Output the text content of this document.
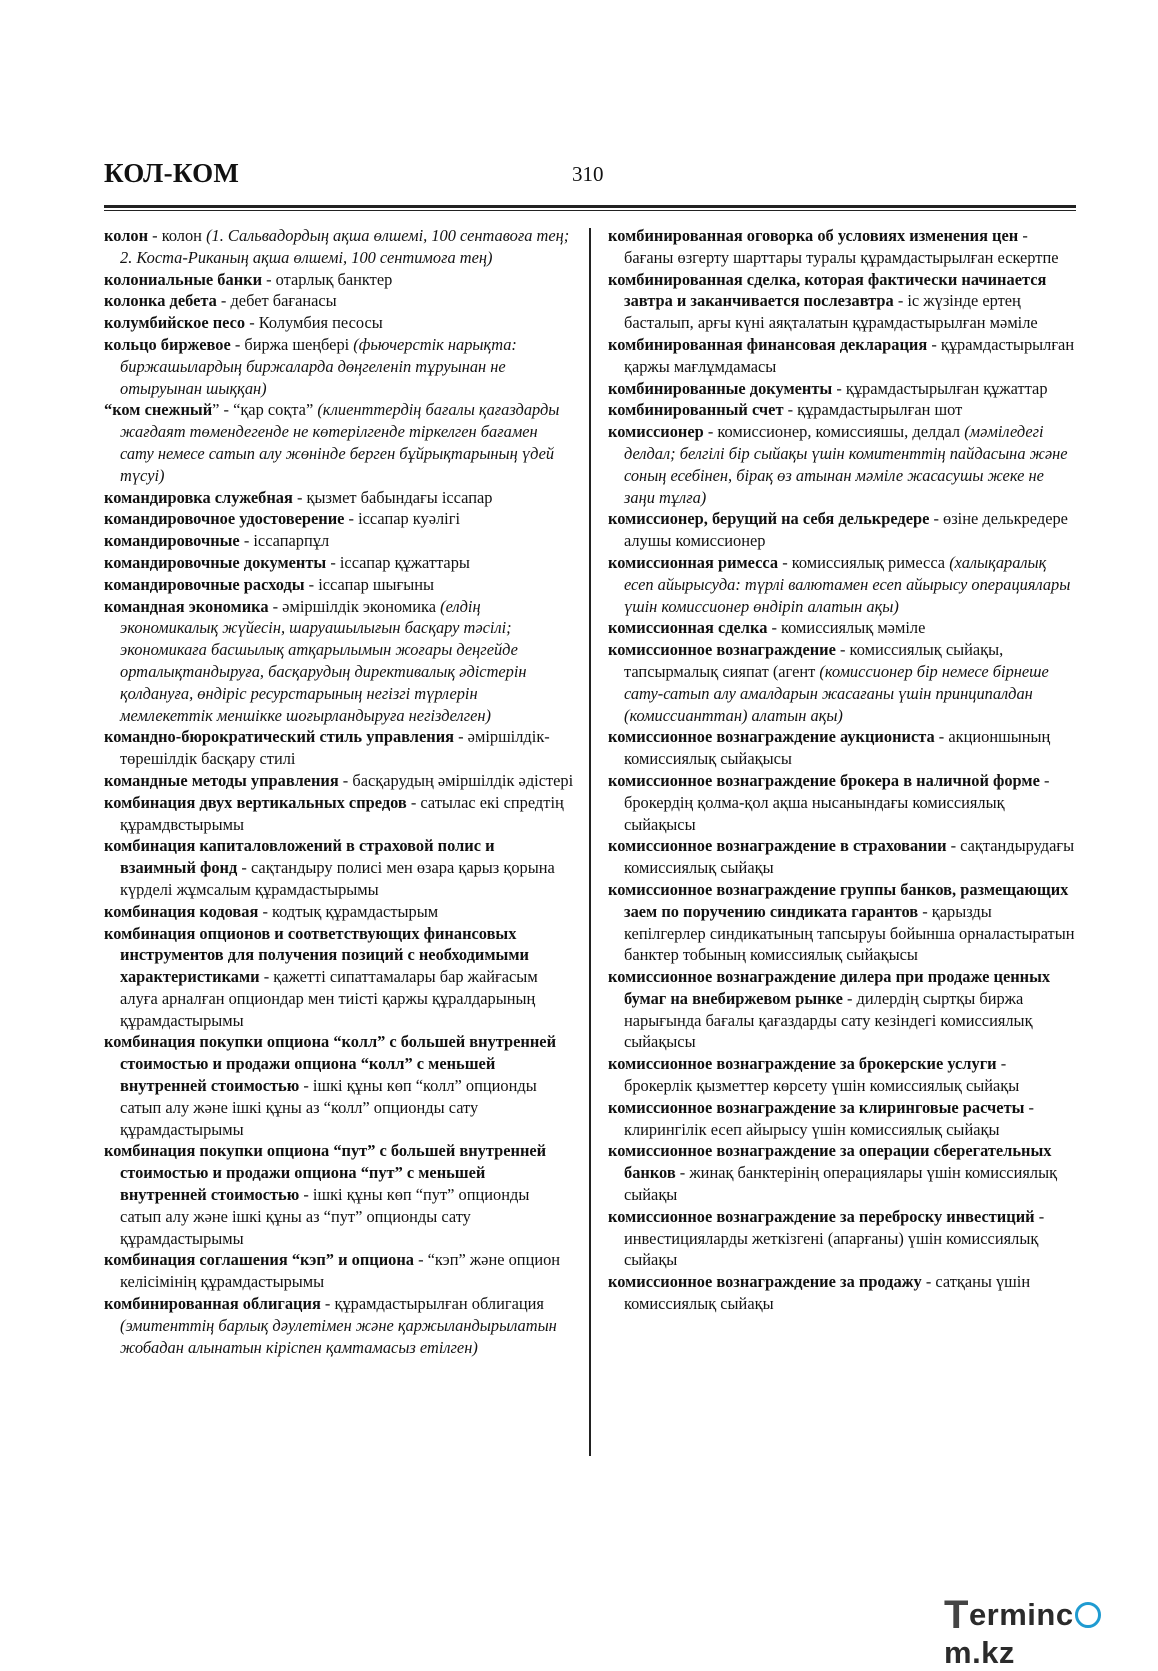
КОЛ-КОМ	310

колон - колон (1. Сальвадордың ақша өлшемі, 100 сентавоға тең; 2. Коста-Риканың ақша өлшемі, 100 сентимоға тең)

колониальные банки - отарлық банктер

колонка дебета - дебет бағанасы

колумбийское песо - Колумбия песосы

кольцо биржевое - биржа шеңбері (фьючерстік нарықта: биржашылардың биржаларда дөңгеленіп тұруынан не отыруынан шыққан)

“ком снежный” - “қар соқта” (клиенттердің бағалы қағаздарды жағдаят төмендегенде не көтерілгенде тіркелген бағамен сату немесе сатып алу жөнінде берген бұйрықтарының үдей түсуі)

командировка служебная - қызмет бабындағы іссапар

командировочное удостоверение - іссапар куәлігі

командировочные - іссапарпұл

командировочные документы - іссапар құжаттары

командировочные расходы - іссапар шығыны

командная экономика - әміршілдік экономика (елдің экономикалық жүйесін, шаруашылығын басқару тәсілі; экономикаға басшылық атқарылымын жоғары деңгейде орталықтандыруға, басқарудың директивалық әдістерін қолдануға, өндіріс ресурстарының негізгі түрлерін мемлекеттік меншікке шоғырландыруға негізделген)

командно-бюрократический стиль управления - әміршілдік-төрешілдік басқару стилі

командные методы управления - басқарудың әміршілдік әдістері

комбинация двух вертикальных спредов - сатылас екі спредтің құрамдвстырымы

комбинация капиталовложений в страховой полис и взаимный фонд - сақтандыру полисі мен өзара қарыз қорына күрделі жұмсалым құрамдастырымы

комбинация кодовая - кодтық құрамдастырым

комбинация опционов и соответствующих финансовых инструментов для получения позиций с необходимыми характеристиками - қажетті сипаттамалары бар жайғасым алуға арналған опциондар мен тиісті қаржы құралдарының құрамдастырымы

комбинация покупки опциона “колл” с большей внутренней стоимостью и продажи опциона “колл” с меньшей внутренней стоимостью - ішкі құны көп “колл” опционды сатып алу және ішкі құны аз “колл” опционды сату құрамдастырымы

комбинация покупки опциона “пут” с большей внутренней стоимостью и продажи опциона “пут” с меньшей внутренней стоимостью - ішкі құны көп “пут” опционды сатып алу және ішкі құны аз “пут” опционды сату құрамдастырымы

комбинация соглашения “кэп” и опциона - “кэп” және опцион келісімінің құрамдастырымы

комбинированная облигация - құрамдастырылған облигация (эмитенттің барлық дәулетімен және қаржыландырылатын жобадан алынатын кіріспен қамтамасыз етілген)

комбинированная оговорка об условиях изменения цен - бағаны өзгерту шарттары туралы құрамдастырылған ескертпе

комбинированная сделка, которая фактически начинается завтра и заканчивается послезавтра - іс жүзінде ертең басталып, арғы күні аяқталатын құрамдастырылған мәміле

комбинированная финансовая декларация - құрамдастырылған қаржы мағлұмдамасы

комбинированные документы - құрамдастырылған құжаттар

комбинированный счет - құрамдастырылған шот

комиссионер - комиссионер, комиссияшы, делдал (мәміледегі делдал; белгілі бір сыйақы үшін комитенттің пайдасына және соның есебінен, бірақ өз атынан мәміле жасасушы жеке не заңи тұлға)

комиссионер, берущий на себя делькредере - өзіне делькредере алушы комиссионер

комиссионная римесса - комиссиялық римесса (халықаралық есеп айырысуда: түрлі валютамен есеп айырысу операциялары үшін комиссионер өндіріп алатын ақы)

комиссионная сделка - комиссиялық мәміле

комиссионное вознаграждение - комиссиялық сыйақы, тапсырмалық сияпат (агент (комиссионер бір немесе бірнеше сату-сатып алу амалдарын жасағаны үшін принципалдан (комиссианттан) алатын ақы)

комиссионное вознаграждение аукциониста - акционшының комиссиялық сыйақысы

комиссионное вознаграждение брокера в наличной форме - брокердің қолма-қол ақша нысанындағы комиссиялық сыйақысы

комиссионное вознаграждение в страховании - сақтандырудағы комиссиялық сыйақы

комиссионное вознаграждение группы банков, размещающих заем по поручению синдиката гарантов - қарызды кепілгерлер синдикатының тапсыруы бойынша орналастыратын банктер тобының комиссиялық сыйақысы

комиссионное вознаграждение дилера при продаже ценных бумаг на внебиржевом рынке - дилердің сыртқы биржа нарығында бағалы қағаздарды сату кезіндегі комиссиялық сыйақысы

комиссионное вознаграждение за брокерские услуги - брокерлік қызметтер көрсету үшін комиссиялық сыйақы

комиссионное вознаграждение за клиринговые расчеты - клирингілік есеп айырысу үшін комиссиялық сыйақы

комиссионное вознаграждение за операции сберегательных банков - жинақ банктерінің операциялары үшін комиссиялық сыйақы

комиссионное вознаграждение за переброску инвестиций - инвестицияларды жеткізгені (апарғаны) үшін комиссиялық сыйақы

комиссионное вознаграждение за продажу - сатқаны үшін комиссиялық сыйақы

Termincm.kz
